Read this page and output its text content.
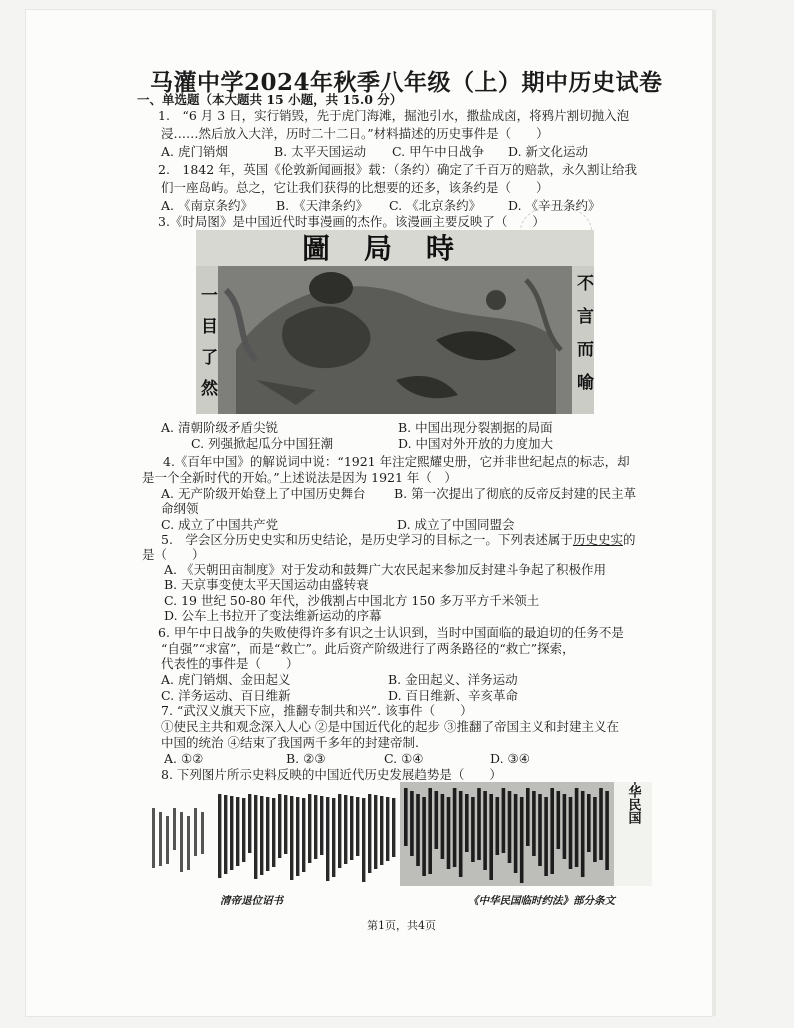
马灌中学2024年秋季八年级（上）期中历史试卷
一、单选题（本大题共 15 小题，共 15.0 分）
1.　“6 月 3 日，实行销毁，先于虎门海滩，掘池引水，撒盐成卤，将鸦片割切抛入泡
浸……然后放入大洋，历时二十二日。”材料描述的历史事件是（　　）
A. 虎门销烟	B. 太平天国运动 C. 甲午中日战争 D. 新文化运动
2.　1842 年，英国《伦敦新闻画报》载：（条约）确定了千百万的赔款，永久割让给我
们一座岛屿。总之，它让我们获得的比想要的还多，该条约是（　　）
A. 《南京条约》 B. 《天津条约》 C. 《北京条约》 D. 《辛丑条约》
3.《时局图》是中国近代时事漫画的杰作。该漫画主要反映了（　　）
圖局時
一目了然	不言而喻
A. 清朝阶级矛盾尖锐	B. 中国出现分裂割据的局面
C. 列强掀起瓜分中国狂潮	D. 中国对外开放的力度加大
4.《百年中国》的解说词中说：“1921 年注定熙耀史册，它并非世纪起点的标志，却
是一个全新时代的开始。”上述说法是因为 1921 年（　）
A. 无产阶级开始登上了中国历史舞台 B. 第一次提出了彻底的反帝反封建的民主革
命纲领
C. 成立了中国共产党	D. 成立了中国同盟会
5.　学会区分历史史实和历史结论，是历史学习的目标之一。下列表述属于历史史实的
是（　　）
A. 《天朝田亩制度》对于发动和鼓舞广大农民起来参加反封建斗争起了积极作用
B. 天京事变使太平天国运动由盛转衰
C. 19 世纪 50-80 年代，沙俄割占中国北方 150 多万平方千米领土
D. 公车上书拉开了变法维新运动的序幕
6. 甲午中日战争的失败使得许多有识之士认识到，当时中国面临的最迫切的任务不是
“自强”“求富”，而是“救亡”。此后资产阶级进行了两条路径的“救亡”探索，
代表性的事件是（　　）
A. 虎门销烟、金田起义	B. 金田起义、洋务运动
C. 洋务运动、百日维新	D. 百日维新、辛亥革命
7. “武汉义旗天下应，推翻专制共和兴”. 该事件（　　）
①使民主共和观念深入人心 ②是中国近代化的起步 ③推翻了帝国主义和封建主义在
中国的统治 ④结束了我国两千多年的封建帝制.
A. ①②	B. ②③	C. ①④	D. ③④
8. 下列图片所示史料反映的中国近代历史发展趋势是（　　）	中华民国
清帝退位诏书	《中华民国临时约法》部分条文
第1页，共4页
